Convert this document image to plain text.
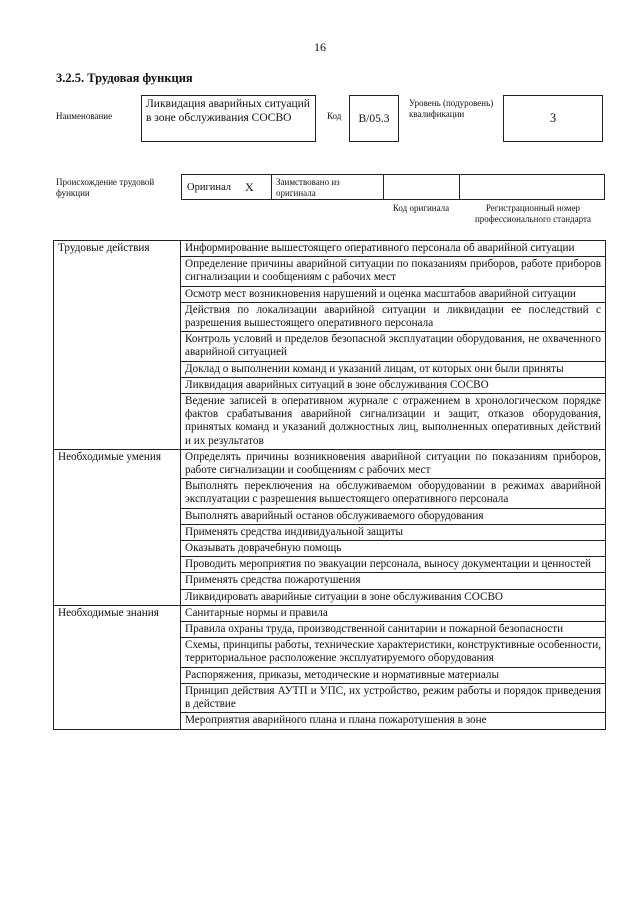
16
3.2.5. Трудовая функция
Наименование
Ликвидация аварийных ситуаций в зоне обслуживания СОСВО	Код	В/05.3
Уровень (подуровень) квалификации	3
Происхождение трудовой функции
Оригинал X	Заимствовано из оригинала
Код оригинала	Регистрационный номер профессионального стандарта
Трудовые действия	Информирование вышестоящего оперативного персонала об аварийной ситуации
	Определение причины аварийной ситуации по показаниям приборов, работе приборов сигнализации и сообщениям с рабочих мест
	Осмотр мест возникновения нарушений и оценка масштабов аварийной ситуации
	Действия по локализации аварийной ситуации и ликвидации ее последствий с разрешения вышестоящего оперативного персонала
	Контроль условий и пределов безопасной эксплуатации оборудования, не охваченного аварийной ситуацией
	Доклад о выполнении команд и указаний лицам, от которых они были приняты
	Ликвидация аварийных ситуаций в зоне обслуживания СОСВО
	Ведение записей в оперативном журнале с отражением в хронологическом порядке фактов срабатывания аварийной сигнализации и защит, отказов оборудования, принятых команд и указаний должностных лиц, выполненных оперативных действий и их результатов
Необходимые умения	Определять причины возникновения аварийной ситуации по показаниям приборов, работе сигнализации и сообщениям с рабочих мест
	Выполнять переключения на обслуживаемом оборудовании в режимах аварийной эксплуатации с разрешения вышестоящего оперативного персонала
	Выполнять аварийный останов обслуживаемого оборудования
	Применять средства индивидуальной защиты
	Оказывать доврачебную помощь
	Проводить мероприятия по эвакуации персонала, выносу документации и ценностей
	Применять средства пожаротушения
	Ликвидировать аварийные ситуации в зоне обслуживания СОСВО
Необходимые знания	Санитарные нормы и правила
	Правила охраны труда, производственной санитарии и пожарной безопасности
	Схемы, принципы работы, технические характеристики, конструктивные особенности, территориальное расположение эксплуатируемого оборудования
	Распоряжения, приказы, методические и нормативные материалы
	Принцип действия АУТП и УПС, их устройство, режим работы и порядок приведения в действие
	Мероприятия аварийного плана и плана пожаротушения в зоне
